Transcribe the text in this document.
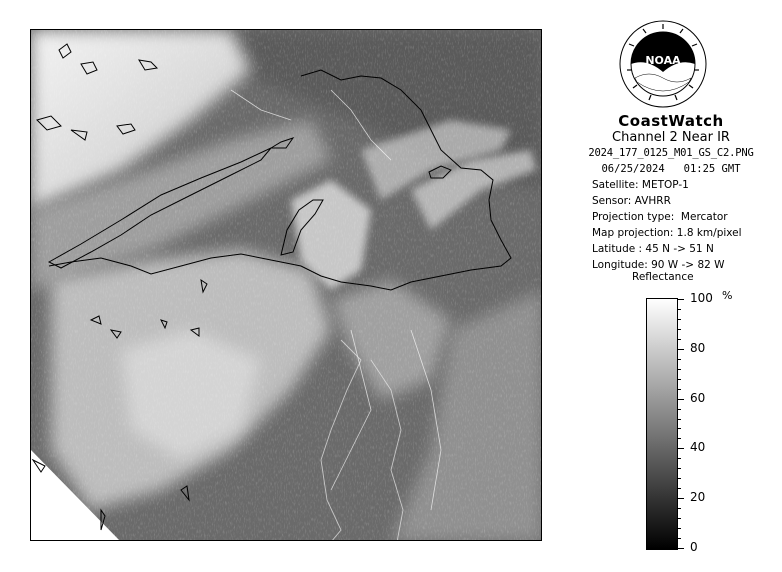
NOAA
CoastWatch
Channel 2 Near IR
2024_177_0125_M01_GS_C2.PNG
06/25/2024   01:25 GMT
Satellite: METOP-1
Sensor: AVHRR
Projection type:  Mercator
Map projection: 1.8 km/pixel
Latitude : 45 N -> 51 N
Longitude: 90 W -> 82 W
Reflectance
%
100
80
60
40
20
0
